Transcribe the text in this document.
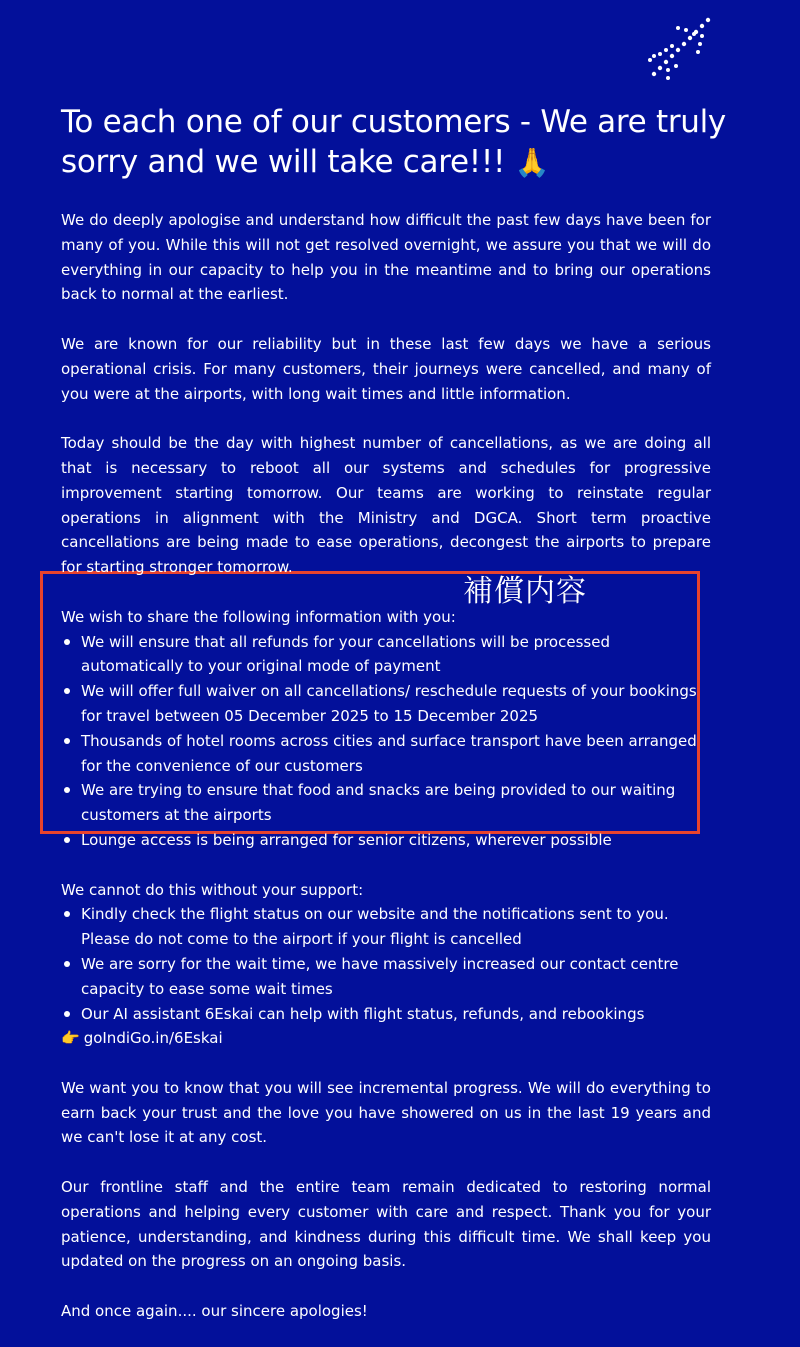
To each one of our customers - We are truly sorry and we will take care!!! 🙏
補償内容

We do deeply apologise and understand how difficult the past few days have been for many of you. While this will not get resolved overnight, we assure you that we will do everything in our capacity to help you in the meantime and to bring our operations back to normal at the earliest.

We are known for our reliability but in these last few days we have a serious operational crisis. For many customers, their journeys were cancelled, and many of you were at the airports, with long wait times and little information.

Today should be the day with highest number of cancellations, as we are doing all that is necessary to reboot all our systems and schedules for progressive improvement starting tomorrow. Our teams are working to reinstate regular operations in alignment with the Ministry and DGCA. Short term proactive cancellations are being made to ease operations, decongest the airports to prepare for starting stronger tomorrow.

We wish to share the following information with you:

We will ensure that all refunds for your cancellations will be processed automatically to your original mode of payment
We will offer full waiver on all cancellations/ reschedule requests of your bookings for travel between 05 December 2025 to 15 December 2025
Thousands of hotel rooms across cities and surface transport have been arranged for the convenience of our customers
We are trying to ensure that food and snacks are being provided to our waiting customers at the airports
Lounge access is being arranged for senior citizens, wherever possible

We cannot do this without your support:

Kindly check the flight status on our website and the notifications sent to you. Please do not come to the airport if your flight is cancelled
We are sorry for the wait time, we have massively increased our contact centre capacity to ease some wait times
Our AI assistant 6Eskai can help with flight status, refunds, and rebookings

👉 goIndiGo.in/6Eskai

We want you to know that you will see incremental progress. We will do everything to earn back your trust and the love you have showered on us in the last 19 years and we can't lose it at any cost.

Our frontline staff and the entire team remain dedicated to restoring normal operations and helping every customer with care and respect. Thank you for your patience, understanding, and kindness during this difficult time. We shall keep you updated on the progress on an ongoing basis.

And once again.... our sincere apologies!
